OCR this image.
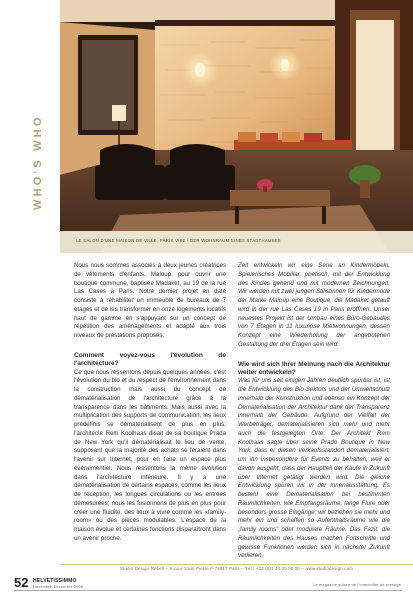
WHO'S WHO
LE SALON D'UNE MAISON DE VILLE, PARIS VIIIE / DER WOHNRAUM EINES STADTHAUSES

Nous nous sommes associés à deux jeunes créatrices de vêtements d'enfants, Maloup, pour ouvrir une boutique commune, baptisée Madaket, au 19 de la rue Las Cases à Paris. Notre dernier projet en date consiste à réhabiliter un immeuble de bureaux de 7 étages et de les transformer en onze logements locatifs haut de gamme en s'appuyant sur un concept de répétition des aménagements et adapté aux trois niveaux de prestations proposés.

Comment voyez-vous l'évolution de l'architecture?

Ce que nous ressentons depuis quelques années, c'est l'évolution du bio et du respect de l'environnement dans la construction mais aussi du concept de dématérialisation de l'architecture grâce à la transparence dans les bâtiments. Mais aussi avec la multiplication des supports de communication, les lieux prédéfinis se dématérialisent de plus en plus; l'architecte Rem Koolhaas disait de sa boutique Prada de New York qu'il dématérialisait le lieu de vente, supposant que la majorité des achats se feraient dans l'avenir sur Internet, pour en faire un espace plus événementiel. Nous ressentons la même évolution dans l'architecture intérieure. Il y a une dématérialisation de certains espaces, comme les lieux de réception, les longues circulations ou les entrées démesurées; nous les fusionnons de plus en plus pour créer une fluidité, des lieux à vivre comme les «family-room» ou des pièces modulables. L'espace de la maison évolue et certaines fonctions disparaîtront dans un avenir proche.

Zeit entwickeln wir eine Serie an Kindermöbeln. Spielerisches Mobiliar, poetisch, mit der Entwicklung des Kindes gehend und mit modernen Zeichnungen. Wir werden mit zwei jungen Stilistinnen für Kindermode der Marke Maloup eine Boutique, die Madaket getauft wird in der rue Las Cases 19 in Paris eröffnen. Unser neuestes Projekt ist der Umbau eines Büro-Gebäudes von 7 Etagen in 11 luxuriöse Mietwohnungen, dessen Konzept eine Wiederholung der angebotenen Gestaltung der drei Etagen sein wird.

Wie wird sich Ihrer Meinung nach die Architektur weiter entwickeln?

Was für uns seit einigen Jahren deutlich spürbar ist, ist die Entwicklung des Bio-Sektors und der Umweltschutz innerhalb der Konstruktion und ebenso ein Konzept der Dematerialisation der Architektur dank der Transparenz innerhalb der Gebäude. Aufgrund der Vielfalt der Werbeträger, dematerialisieren sich mehr und mehr auch die festgelegten Orte; Der Architekt Rem Koolhaas sagte über seine Prado Boutique in New York, dass er diesen Verkaufsstandort dematerialisiert, um ihn insbesondere für Events zu behalten, weil er davon ausgeht, dass der Hauptteil der Käufe in Zukunft über Internet getätigt werden wird. Die gleiche Entwicklung spüren wir in der Innenausstattung. Es besteht eine Dematerialisation bei bestimmten Räumlichkeiten, wie Empfangsräume, lange Flure oder besonders grosse Eingänge; wir beziehen sie mehr und mehr ein und schaffen so Aufenthaltsräume wie die „family rooms" oder modulare Räume. Das Fazit: die Räumlichkeiten des Hauses machen Fortschritte und gewisse Funktionen werden sich in nächster Zukunft verlieren.

Studio Design Rebell – 8 cour Saint Pierre F-75017 Paris – Tél.: +33 (0)1 44 09 08 30 – www.studiodesign.com
52 HELVETISSIMMO
Novembre-Décembre 2006	Le magazine suisse de l'immobilier de prestige
